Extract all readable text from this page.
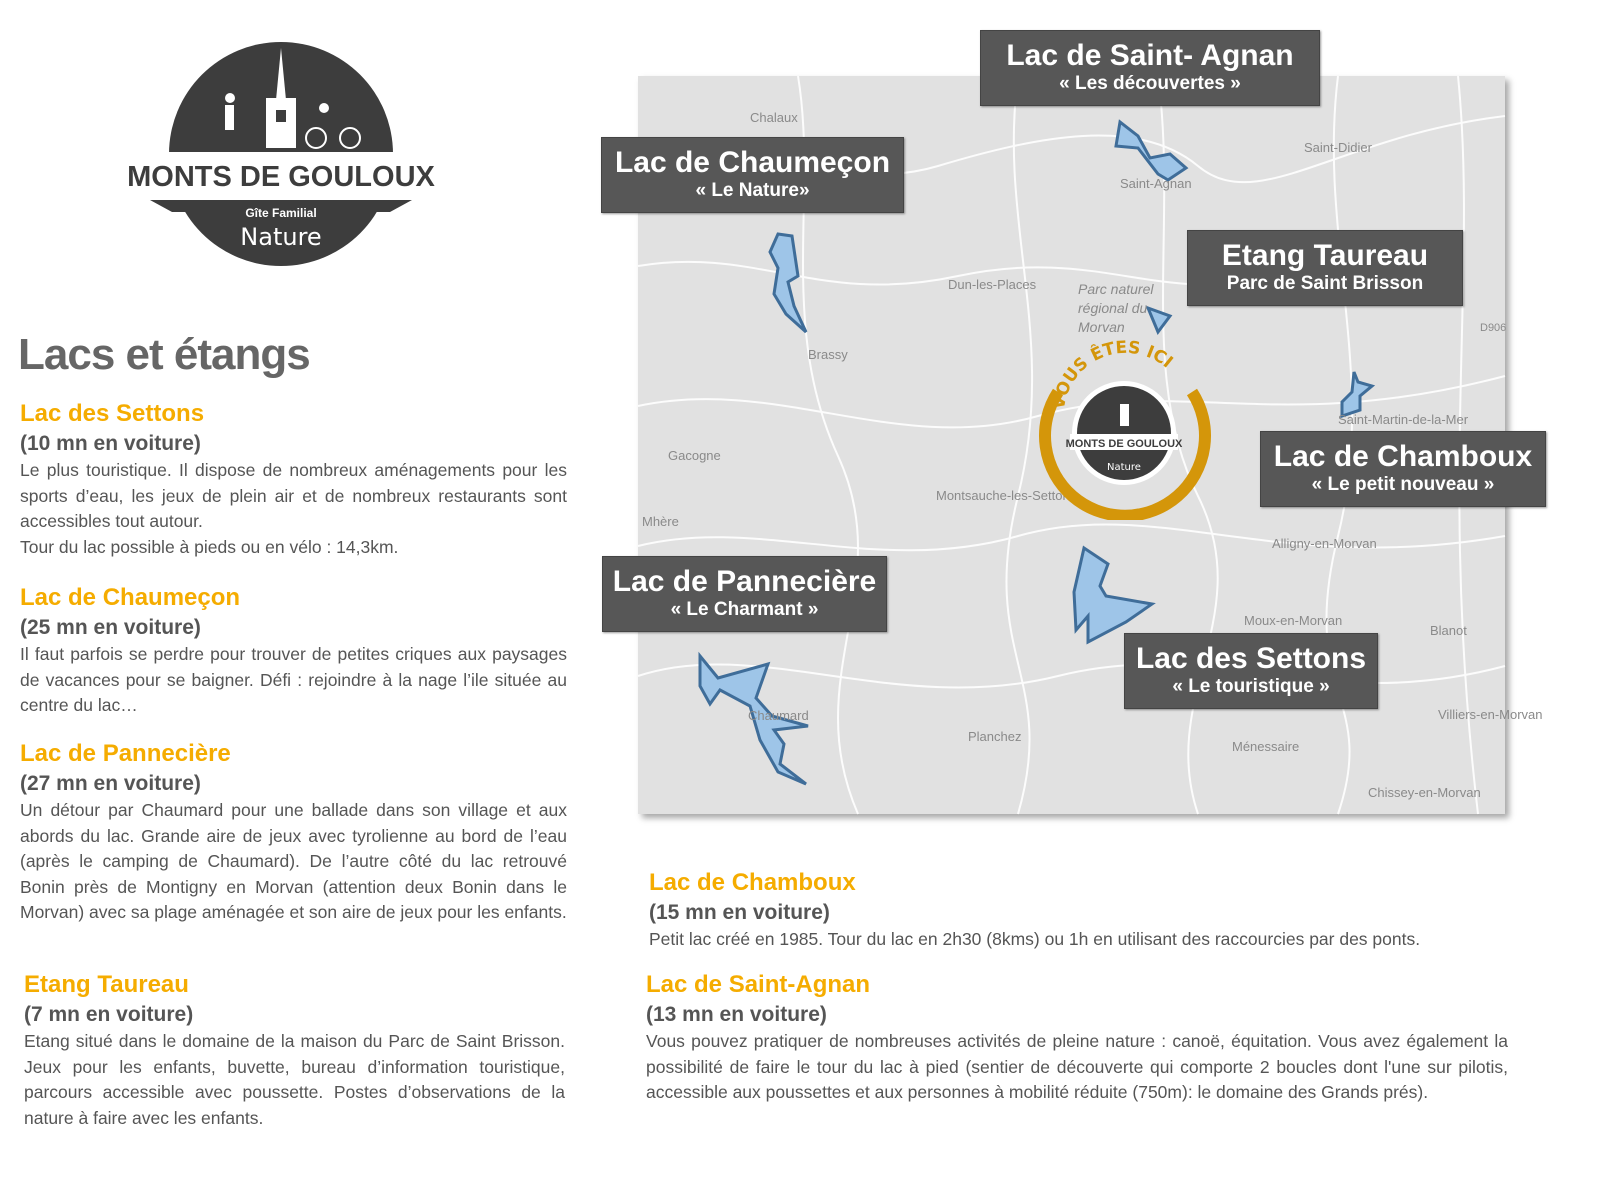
MONTS DE GOULOUX
Gîte Familial
Nature
Lacs et étangs
Lac des Settons
(10 mn en voiture)

Le plus touristique. Il dispose de nombreux aménagements pour les sports d’eau, les jeux de plein air et de nombreux restaurants sont accessibles tout autour.

Tour du lac possible à pieds ou en vélo : 14,3km.

Lac de Chaumeçon
(25 mn en voiture)

Il faut parfois se perdre pour trouver de petites criques aux paysages de vacances pour se baigner. Défi : rejoindre à la nage l’ile située au centre du lac…

Lac de Pannecière
(27 mn en voiture)

Un détour par Chaumard pour une ballade dans son village et aux abords du lac. Grande aire de jeux avec tyrolienne au bord de l’eau (après le camping de Chaumard). De l’autre côté du lac retrouvé Bonin près de Montigny en Morvan (attention deux Bonin dans le Morvan) avec sa plage aménagée et son aire de jeux pour les enfants.

Etang Taureau
(7 mn en voiture)

Etang situé dans le domaine de la maison du Parc de Saint Brisson. Jeux pour les enfants, buvette, bureau d’information touristique, parcours accessible avec poussette. Postes d’observations de la nature à faire avec les enfants.

Lac de Chamboux
(15 mn en voiture)

Petit lac créé en 1985. Tour du lac en 2h30 (8kms) ou 1h en utilisant des raccourcies par des ponts.

Lac de Saint-Agnan
(13 mn en voiture)

Vous pouvez pratiquer de nombreuses activités de pleine nature : canoë, équitation. Vous avez également la possibilité de faire le tour du lac à pied (sentier de découverte qui comporte 2 boucles dont l'une sur pilotis, accessible aux poussettes et aux personnes à mobilité réduite (750m): le domaine des Grands prés).

Chalaux
Saint-Didier
Saint-Agnan
Dun-les-Places	Parc naturel régional du Morvan
Brassy
D906
Saint-Martin-de-la-Mer
Gacogne
Montsauche-les-Settons
Mhère
Alligny-en-Morvan
Moux-en-Morvan
Blanot
Chaumard
Planchez
Ménessaire
Villiers-en-Morvan
Chissey-en-Morvan
VOUS ÊTES ICI
MONTS DE GOULOUX
Nature
Lac de Saint- Agnan
« Les découvertes »
Lac de Chaumeçon
« Le Nature»
Etang Taureau
Parc de Saint Brisson
Lac de Chamboux
« Le petit nouveau »
Lac de Pannecière
« Le Charmant »
Lac des Settons
« Le touristique »
